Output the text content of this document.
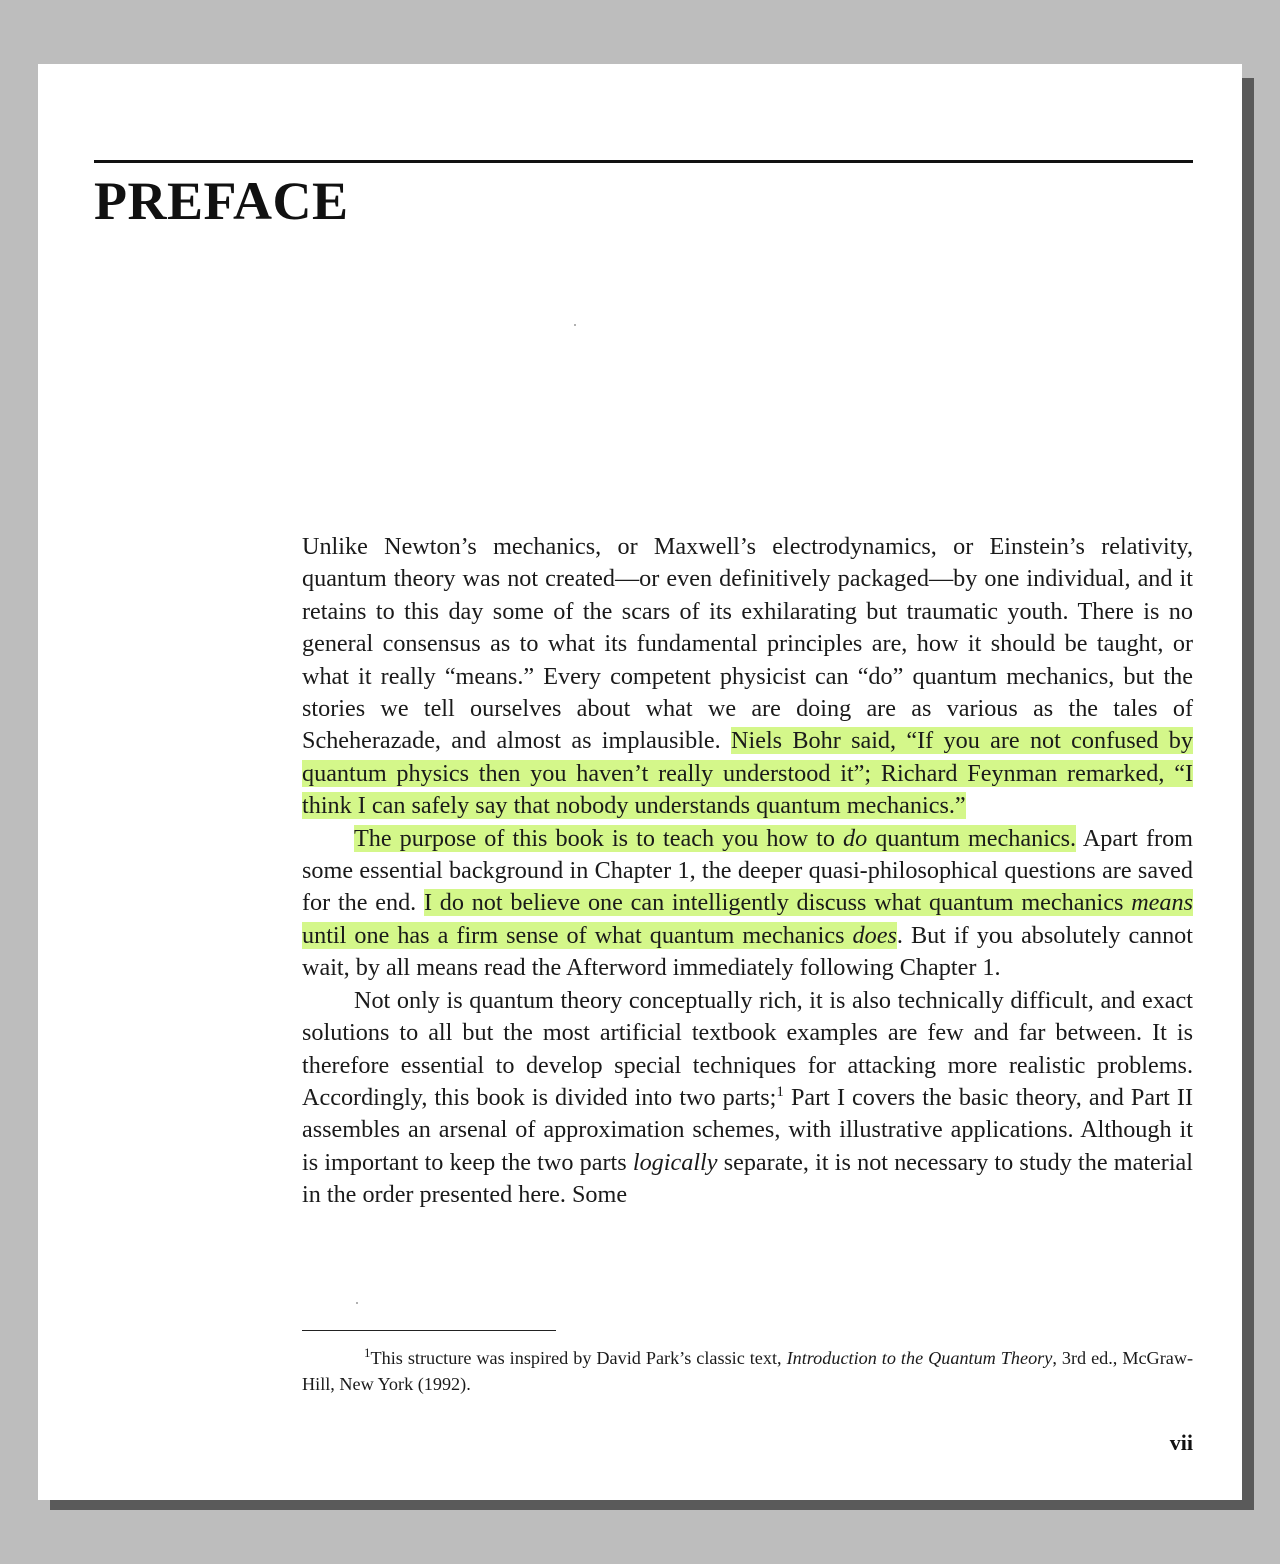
PREFACE

Unlike Newton’s mechanics, or Maxwell’s electrodynamics, or Einstein’s relativity, quantum theory was not created—or even definitively packaged—by one individual, and it retains to this day some of the scars of its exhilarating but traumatic youth. There is no general consensus as to what its fundamental principles are, how it should be taught, or what it really “means.” Every competent physicist can “do” quantum mechanics, but the stories we tell ourselves about what we are doing are as various as the tales of Scheherazade, and almost as implausible. Niels Bohr said, “If you are not confused by quantum physics then you haven’t really understood it”; Richard Feynman remarked, “I think I can safely say that nobody understands quantum mechanics.”

The purpose of this book is to teach you how to do quantum mechanics. Apart from some essential background in Chapter 1, the deeper quasi-philosophical questions are saved for the end. I do not believe one can intelligently discuss what quantum mechanics means until one has a firm sense of what quantum mechanics does. But if you absolutely cannot wait, by all means read the Afterword immediately following Chapter 1.

Not only is quantum theory conceptually rich, it is also technically difficult, and exact solutions to all but the most artificial textbook examples are few and far between. It is therefore essential to develop special techniques for attacking more realistic problems. Accordingly, this book is divided into two parts;$^1$ Part I covers the basic theory, and Part II assembles an arsenal of approximation schemes, with illustrative applications. Although it is important to keep the two parts logically separate, it is not necessary to study the material in the order presented here. Some

$^1$This structure was inspired by David Park’s classic text, Introduction to the Quantum Theory, 3rd ed., McGraw-Hill, New York (1992).

vii
